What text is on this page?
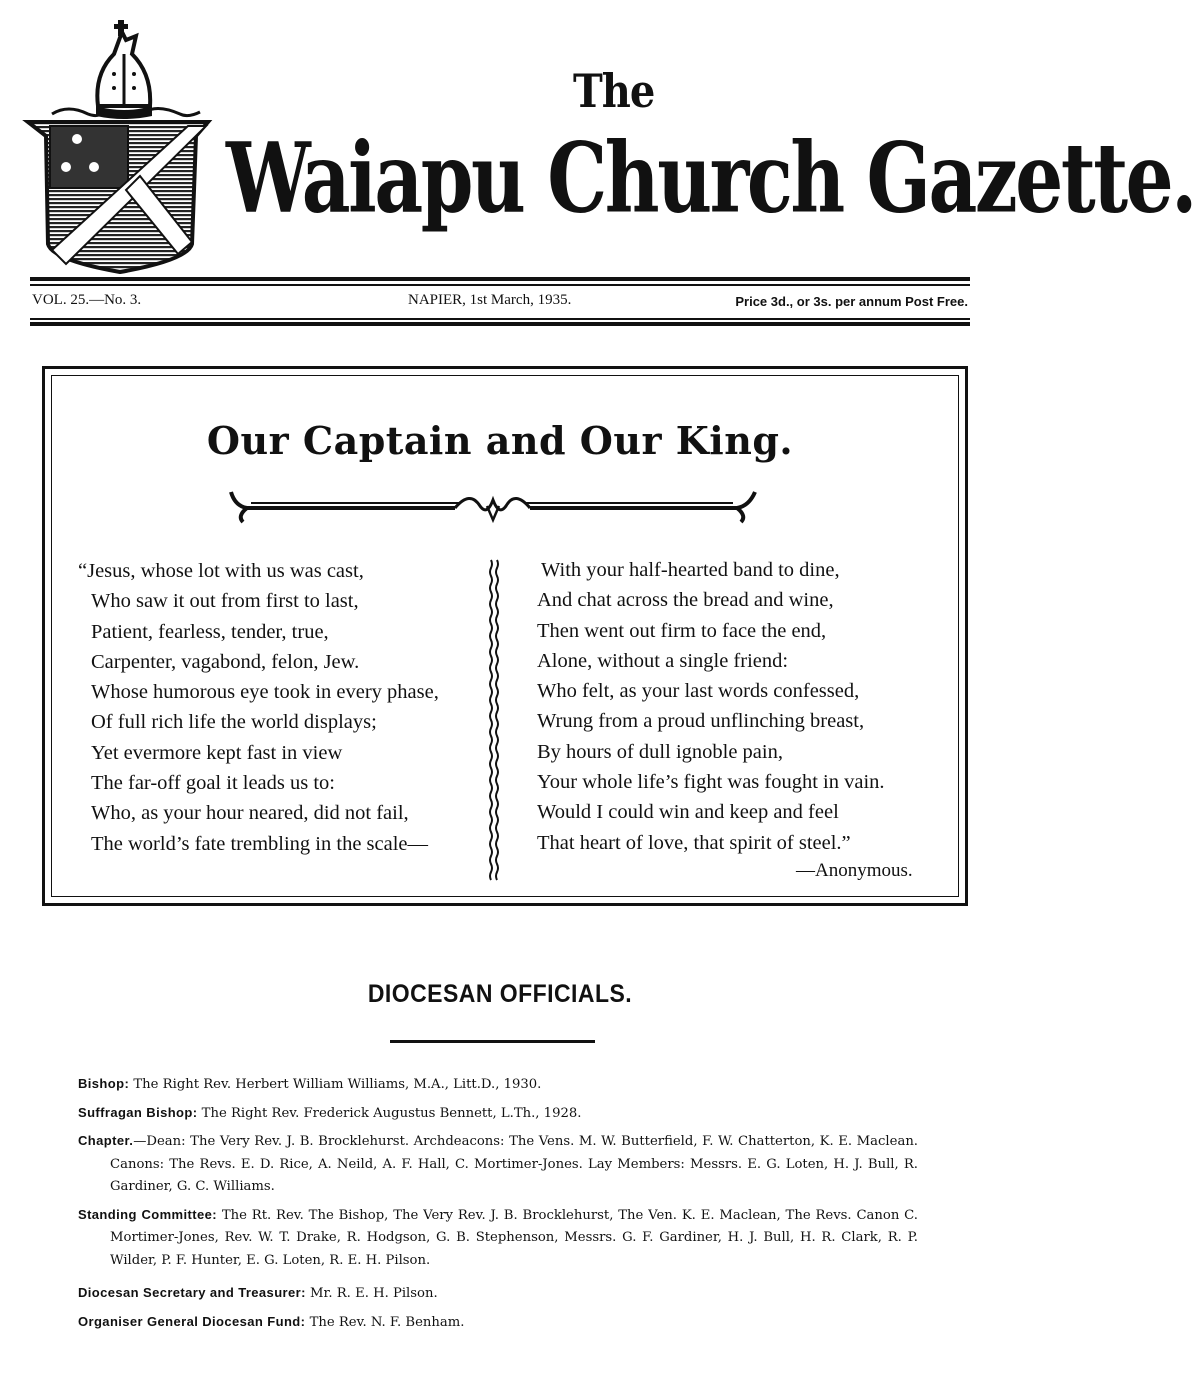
The
Waiapu Church Gazette.
VOL. 25.—No. 3.	NAPIER, 1st March, 1935.	Price 3d., or 3s. per annum Post Free.
Our Captain and Our King.
“Jesus, whose lot with us was cast,
Who saw it out from first to last,
Patient, fearless, tender, true,
Carpenter, vagabond, felon, Jew.
Whose humorous eye took in every phase,
Of full rich life the world displays;
Yet evermore kept fast in view
The far-off goal it leads us to:
Who, as your hour neared, did not fail,
The world’s fate trembling in the scale—
With your half-hearted band to dine,
And chat across the bread and wine,
Then went out firm to face the end,
Alone, without a single friend:
Who felt, as your last words confessed,
Wrung from a proud unflinching breast,
By hours of dull ignoble pain,
Your whole life’s fight was fought in vain.
Would I could win and keep and feel
That heart of love, that spirit of steel.”
—Anonymous.
DIOCESAN OFFICIALS.
Bishop: The Right Rev. Herbert William Williams, M.A., Litt.D., 1930.
Suffragan Bishop: The Right Rev. Frederick Augustus Bennett, L.Th., 1928.
Chapter.—Dean: The Very Rev. J. B. Brocklehurst. Archdeacons: The Vens. M. W. Butterfield, F. W. Chatterton, K. E. Maclean. Canons: The Revs. E. D. Rice, A. Neild, A. F. Hall, C. Mortimer-Jones. Lay Members: Messrs. E. G. Loten, H. J. Bull, R. Gardiner, G. C. Williams.
Standing Committee: The Rt. Rev. The Bishop, The Very Rev. J. B. Brocklehurst, The Ven. K. E. Maclean, The Revs. Canon C. Mortimer-Jones, Rev. W. T. Drake, R. Hodgson, G. B. Stephenson, Messrs. G. F. Gardiner, H. J. Bull, H. R. Clark, R. P. Wilder, P. F. Hunter, E. G. Loten, R. E. H. Pilson.
Diocesan Secretary and Treasurer: Mr. R. E. H. Pilson.
Organiser General Diocesan Fund: The Rev. N. F. Benham.
